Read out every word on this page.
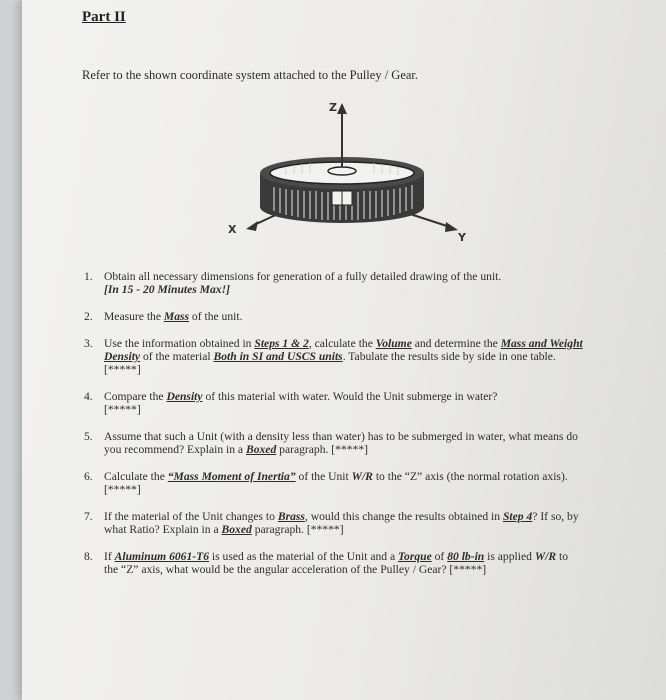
Part II
Refer to the shown coordinate system attached to the Pulley / Gear.
Z
X
Y
1. Obtain all necessary dimensions for generation of a fully detailed drawing of the unit.
[In 15 - 20 Minutes Max!]
2. Measure the Mass of the unit.
3. Use the information obtained in Steps 1 & 2, calculate the Volume and determine the Mass and Weight Density of the material Both in SI and USCS units. Tabulate the results side by side in one table. [*****]
4. Compare the Density of this material with water. Would the Unit submerge in water?
[*****]
5. Assume that such a Unit (with a density less than water) has to be submerged in water, what means do you recommend? Explain in a Boxed paragraph. [*****]
6. Calculate the “Mass Moment of Inertia” of the Unit W/R to the “Z” axis (the normal rotation axis). [*****]
7. If the material of the Unit changes to Brass, would this change the results obtained in Step 4? If so, by what Ratio? Explain in a Boxed paragraph. [*****]
8. If Aluminum 6061-T6 is used as the material of the Unit and a Torque of 80 lb-in is applied W/R to the “Z” axis, what would be the angular acceleration of the Pulley / Gear? [*****]
